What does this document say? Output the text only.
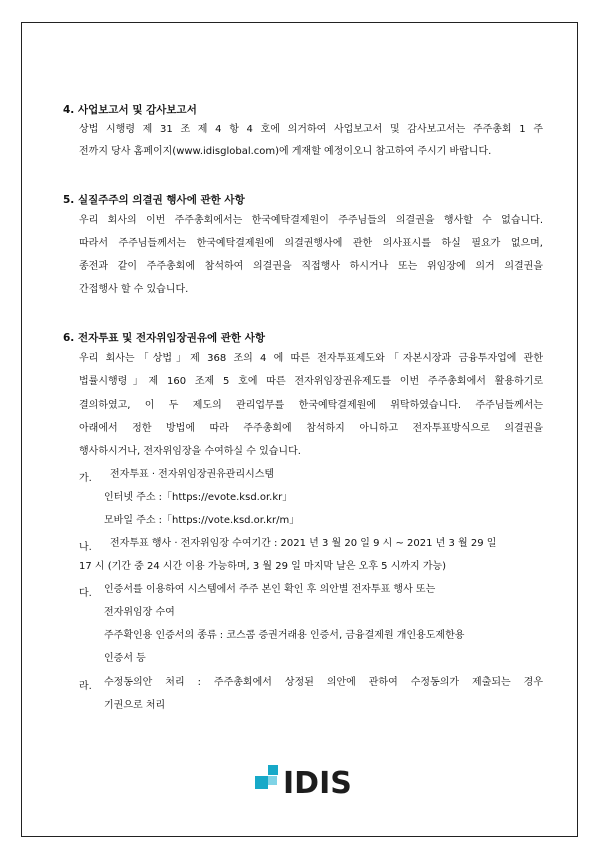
4. 사업보고서 및 감사보고서
상법 시행령 제 31 조 제 4 항 4 호에 의거하여 사업보고서 및 감사보고서는 주주총회 1 주
전까지 당사 홈페이지(www.idisglobal.com)에 게재할 예정이오니 참고하여 주시기 바랍니다.
5. 실질주주의 의결권 행사에 관한 사항
우리 회사의 이번 주주총회에서는 한국예탁결제원이 주주님들의 의결권을 행사할 수 없습니다.
따라서 주주님들께서는 한국예탁결제원에 의결권행사에 관한 의사표시를 하실 필요가 없으며,
종전과 같이 주주총회에 참석하여 의결권을 직접행사 하시거나 또는 위임장에 의거 의결권을
간접행사 할 수 있습니다.
6. 전자투표 및 전자위임장권유에 관한 사항
우리 회사는「상법」제 368 조의 4 에 따른 전자투표제도와「자본시장과 금융투자업에 관한
법률시행령」제 160 조제 5 호에 따른 전자위임장권유제도를 이번 주주총회에서 활용하기로
결의하였고, 이 두 제도의 관리업무를 한국예탁결제원에 위탁하였습니다. 주주님들께서는
아래에서 정한 방법에 따라 주주총회에 참석하지 아니하고 전자투표방식으로 의결권을
행사하시거나, 전자위임장을 수여하실 수 있습니다.
가. 전자투표 · 전자위임장권유관리시스템
인터넷 주소 :「https://evote.ksd.or.kr」
모바일 주소 :「https://vote.ksd.or.kr/m」
나. 전자투표 행사 · 전자위임장 수여기간 : 2021 년 3 월 20 일 9 시 ~ 2021 년 3 월 29 일
17 시 (기간 중 24 시간 이용 가능하며, 3 월 29 일 마지막 날은 오후 5 시까지 가능)
다. 인증서를 이용하여 시스템에서 주주 본인 확인 후 의안별 전자투표 행사 또는
전자위임장 수여
주주확인용 인증서의 종류 : 코스콤 증권거래용 인증서, 금융결제원 개인용도제한용
인증서 등
라. 수정동의안 처리 : 주주총회에서 상정된 의안에 관하여 수정동의가 제출되는 경우
기권으로 처리
IDIS
